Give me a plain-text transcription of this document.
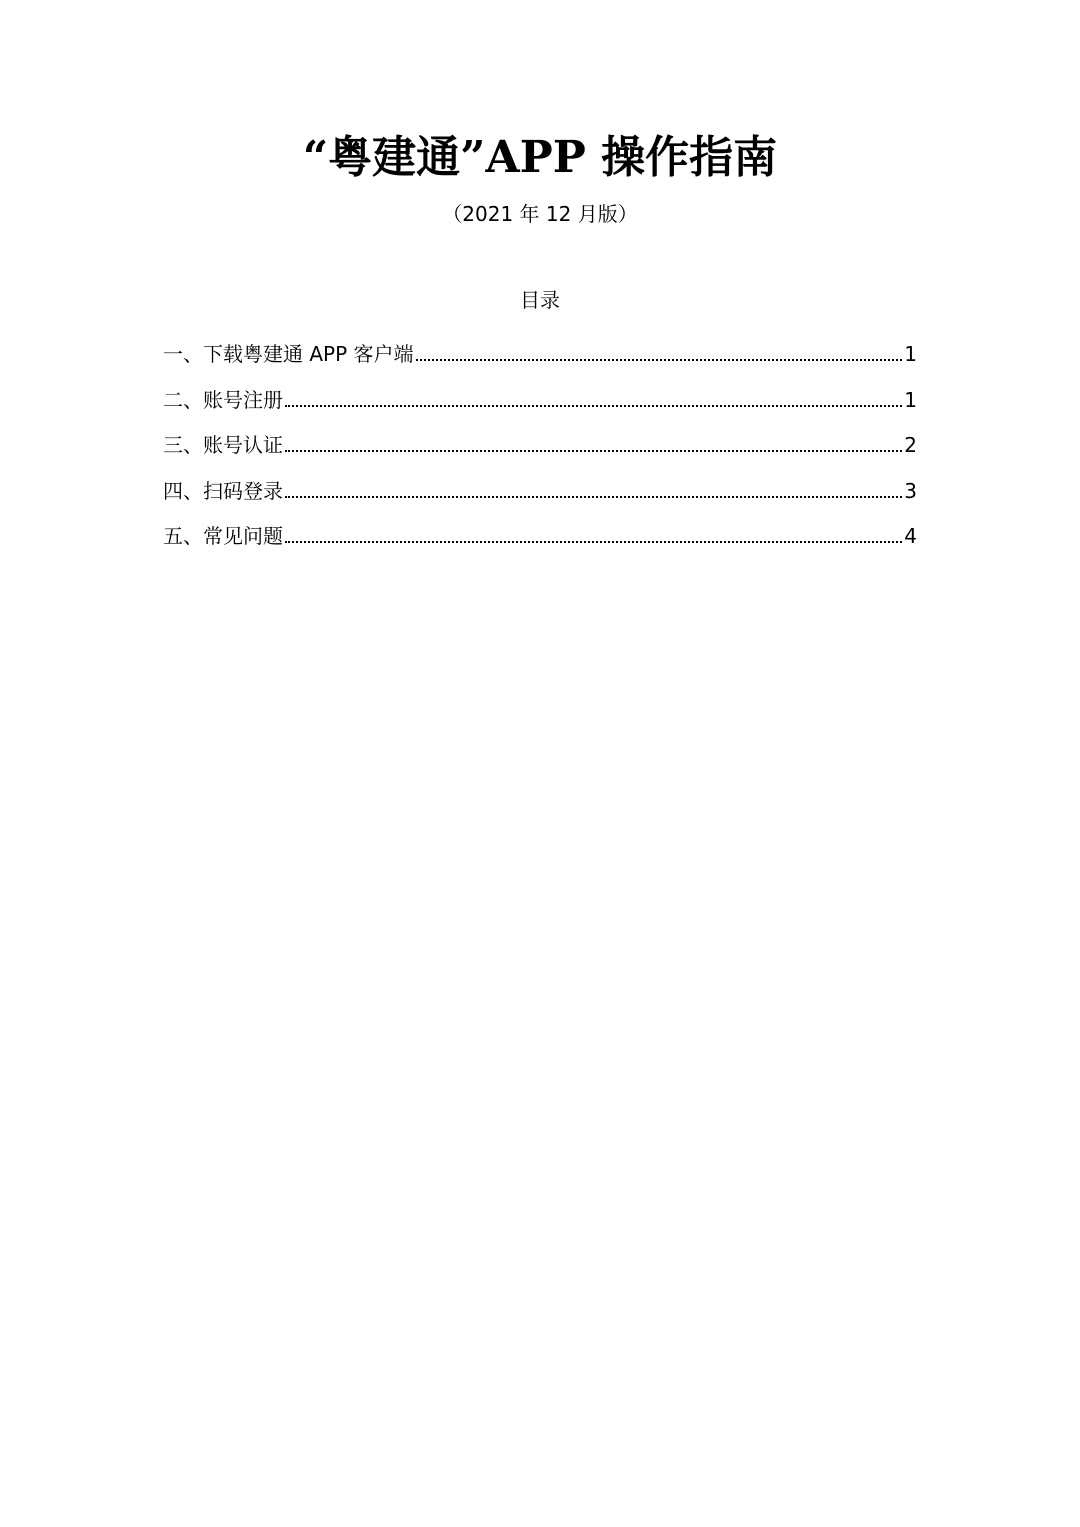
“粤建通”APP 操作指南
（2021 年 12 月版）
目录
一、下载粤建通 APP 客户端	1
二、账号注册	1
三、账号认证	2
四、扫码登录	3
五、常见问题	4
